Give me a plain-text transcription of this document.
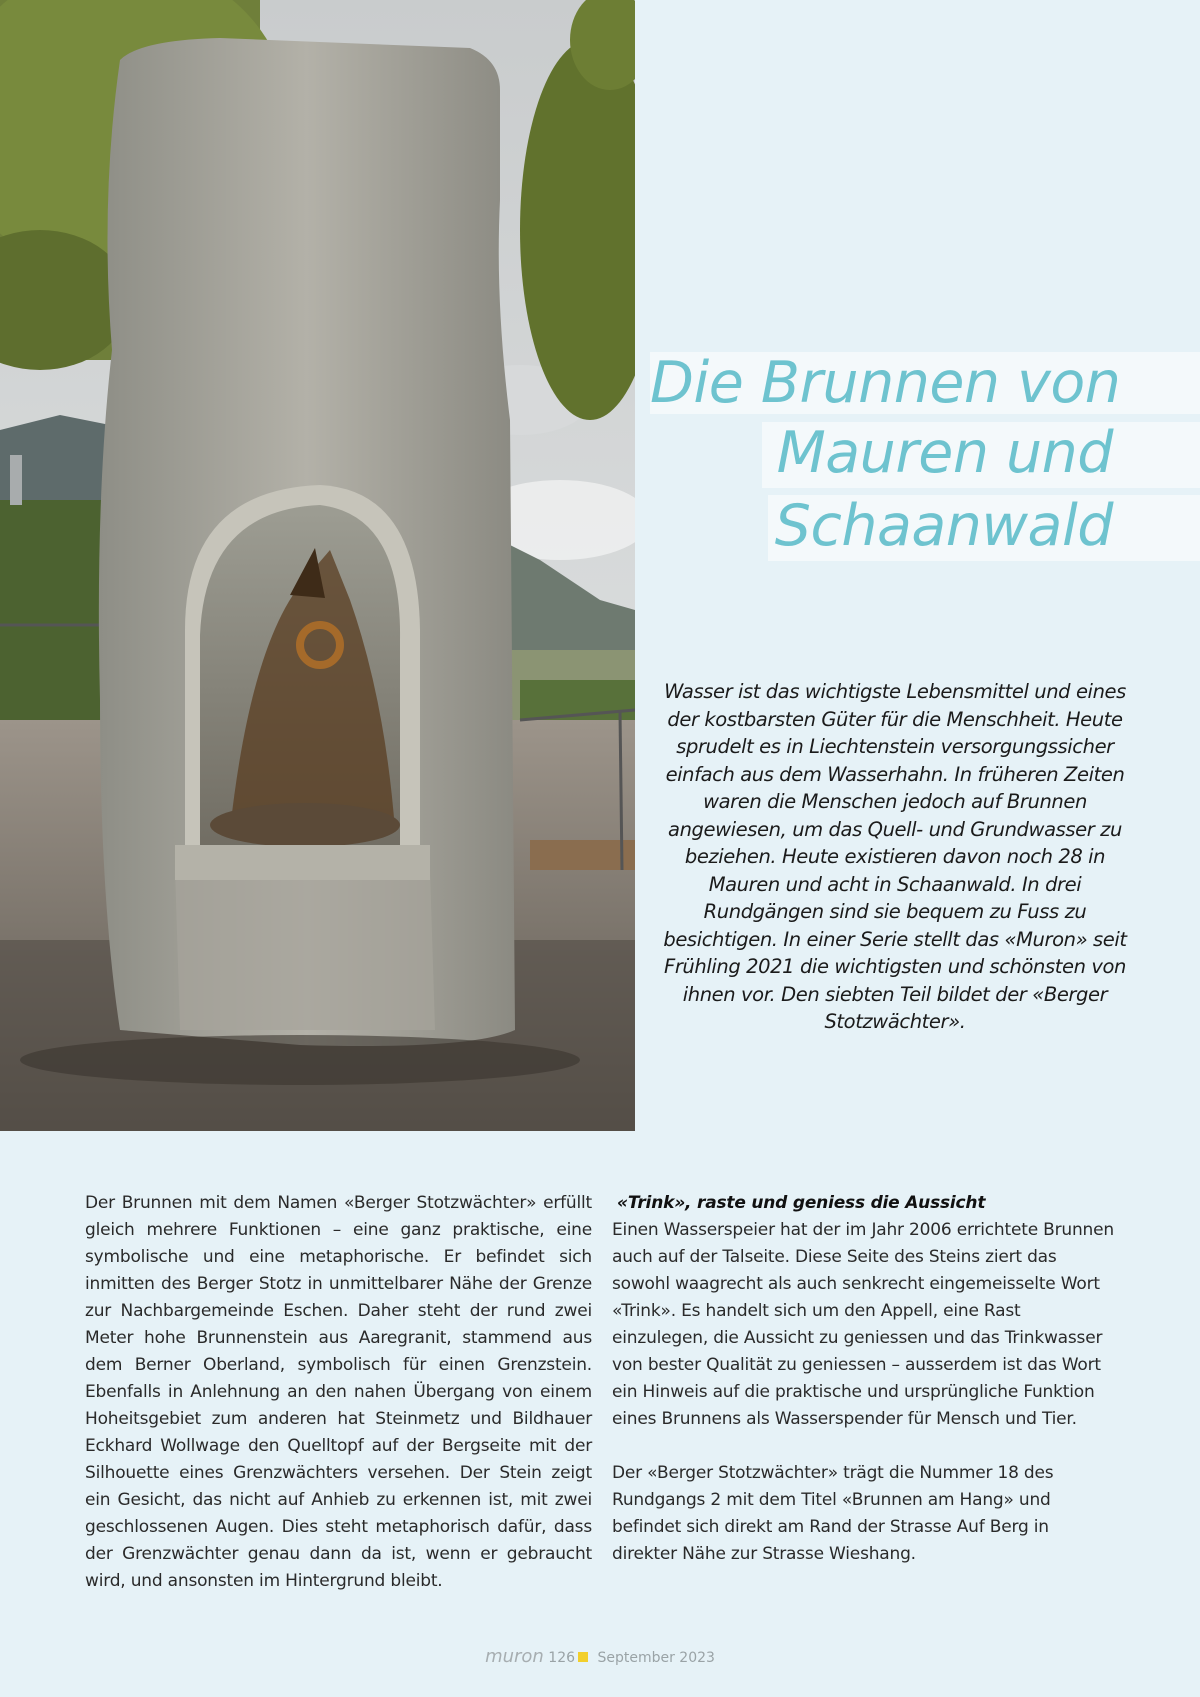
Die Brunnen von
Mauren und
Schaanwald
Wasser ist das wichtigste Lebensmittel und eines der kostbarsten Güter für die Menschheit. Heute sprudelt es in Liechtenstein versorgungssicher einfach aus dem Wasserhahn. In früheren Zeiten waren die Menschen jedoch auf Brunnen angewiesen, um das Quell- und Grundwasser zu beziehen. Heute existieren davon noch 28 in Mauren und acht in Schaanwald. In drei Rundgängen sind sie bequem zu Fuss zu besichtigen. In einer Serie stellt das «Muron» seit Frühling 2021 die wichtigsten und schönsten von ihnen vor. Den siebten Teil bildet der «Berger Stotzwächter».

Der Brunnen mit dem Namen «Berger Stotzwächter» erfüllt gleich mehrere Funktionen – eine ganz praktische, eine symbolische und eine metaphorische. Er befindet sich inmitten des Berger Stotz in unmittelbarer Nähe der Grenze zur Nachbargemeinde Eschen. Daher steht der rund zwei Meter hohe Brunnenstein aus Aaregranit, stammend aus dem Berner Oberland, symbolisch für einen Grenzstein. Ebenfalls in Anlehnung an den nahen Übergang von einem Hoheitsgebiet zum anderen hat Steinmetz und Bildhauer Eckhard Wollwage den Quelltopf auf der Bergseite mit der Silhouette eines Grenzwächters versehen. Der Stein zeigt ein Gesicht, das nicht auf Anhieb zu erkennen ist, mit zwei geschlossenen Augen. Dies steht metaphorisch dafür, dass der Grenzwächter genau dann da ist, wenn er gebraucht wird, und ansonsten im Hintergrund bleibt.

«Trink», raste und geniess die Aussicht

Einen Wasserspeier hat der im Jahr 2006 errichtete Brunnen auch auf der Talseite. Diese Seite des Steins ziert das sowohl waagrecht als auch senkrecht eingemeisselte Wort «Trink». Es handelt sich um den Appell, eine Rast einzulegen, die Aussicht zu geniessen und das Trinkwasser von bester Qualität zu geniessen – ausserdem ist das Wort ein Hinweis auf die praktische und ursprüngliche Funktion eines Brunnens als Wasserspender für Mensch und Tier.

Der «Berger Stotzwächter» trägt die Nummer 18 des Rundgangs 2 mit dem Titel «Brunnen am Hang» und befindet sich direkt am Rand der Strasse Auf Berg in direkter Nähe zur Strasse Wieshang.

muron 126 September 2023
